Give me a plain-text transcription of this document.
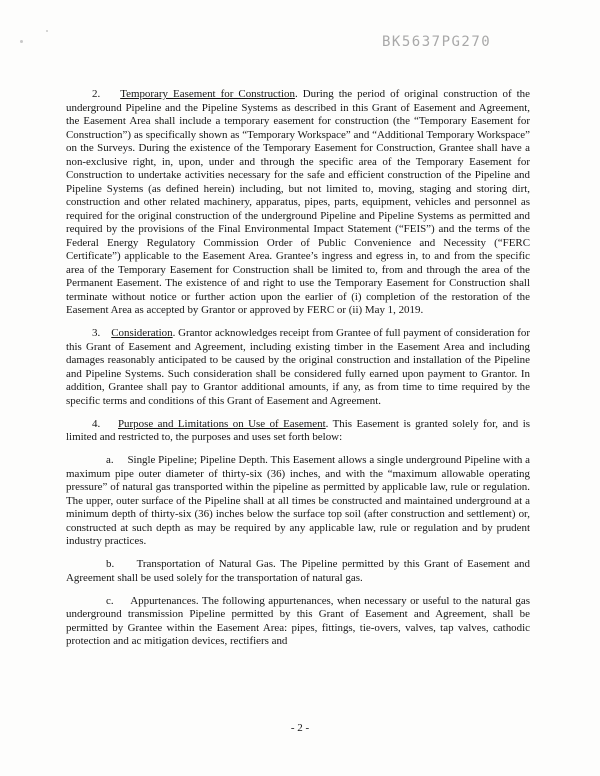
BK5637PG270

2. Temporary Easement for Construction. During the period of original construction of the underground Pipeline and the Pipeline Systems as described in this Grant of Easement and Agreement, the Easement Area shall include a temporary easement for construction (the “Temporary Easement for Construction”) as specifically shown as “Temporary Workspace” and “Additional Temporary Workspace” on the Surveys. During the existence of the Temporary Easement for Construction, Grantee shall have a non-exclusive right, in, upon, under and through the specific area of the Temporary Easement for Construction to undertake activities necessary for the safe and efficient construction of the Pipeline and Pipeline Systems (as defined herein) including, but not limited to, moving, staging and storing dirt, construction and other related machinery, apparatus, pipes, parts, equipment, vehicles and personnel as required for the original construction of the underground Pipeline and Pipeline Systems as permitted and required by the provisions of the Final Environmental Impact Statement (“FEIS”) and the terms of the Federal Energy Regulatory Commission Order of Public Convenience and Necessity (“FERC Certificate”) applicable to the Easement Area. Grantee’s ingress and egress in, to and from the specific area of the Temporary Easement for Construction shall be limited to, from and through the area of the Permanent Easement. The existence of and right to use the Temporary Easement for Construction shall terminate without notice or further action upon the earlier of (i) completion of the restoration of the Easement Area as accepted by Grantor or approved by FERC or (ii) May 1, 2019.

3. Consideration. Grantor acknowledges receipt from Grantee of full payment of consideration for this Grant of Easement and Agreement, including existing timber in the Easement Area and including damages reasonably anticipated to be caused by the original construction and installation of the Pipeline and Pipeline Systems. Such consideration shall be considered fully earned upon payment to Grantor. In addition, Grantee shall pay to Grantor additional amounts, if any, as from time to time required by the specific terms and conditions of this Grant of Easement and Agreement.

4. Purpose and Limitations on Use of Easement. This Easement is granted solely for, and is limited and restricted to, the purposes and uses set forth below:

a. Single Pipeline; Pipeline Depth. This Easement allows a single underground Pipeline with a maximum pipe outer diameter of thirty-six (36) inches, and with the “maximum allowable operating pressure” of natural gas transported within the pipeline as permitted by applicable law, rule or regulation. The upper, outer surface of the Pipeline shall at all times be constructed and maintained underground at a minimum depth of thirty-six (36) inches below the surface top soil (after construction and settlement) or, constructed at such depth as may be required by any applicable law, rule or regulation and by prudent industry practices.

b. Transportation of Natural Gas. The Pipeline permitted by this Grant of Easement and Agreement shall be used solely for the transportation of natural gas.

c. Appurtenances. The following appurtenances, when necessary or useful to the natural gas underground transmission Pipeline permitted by this Grant of Easement and Agreement, shall be permitted by Grantee within the Easement Area: pipes, fittings, tie-overs, valves, tap valves, cathodic protection and ac mitigation devices, rectifiers and

- 2 -
